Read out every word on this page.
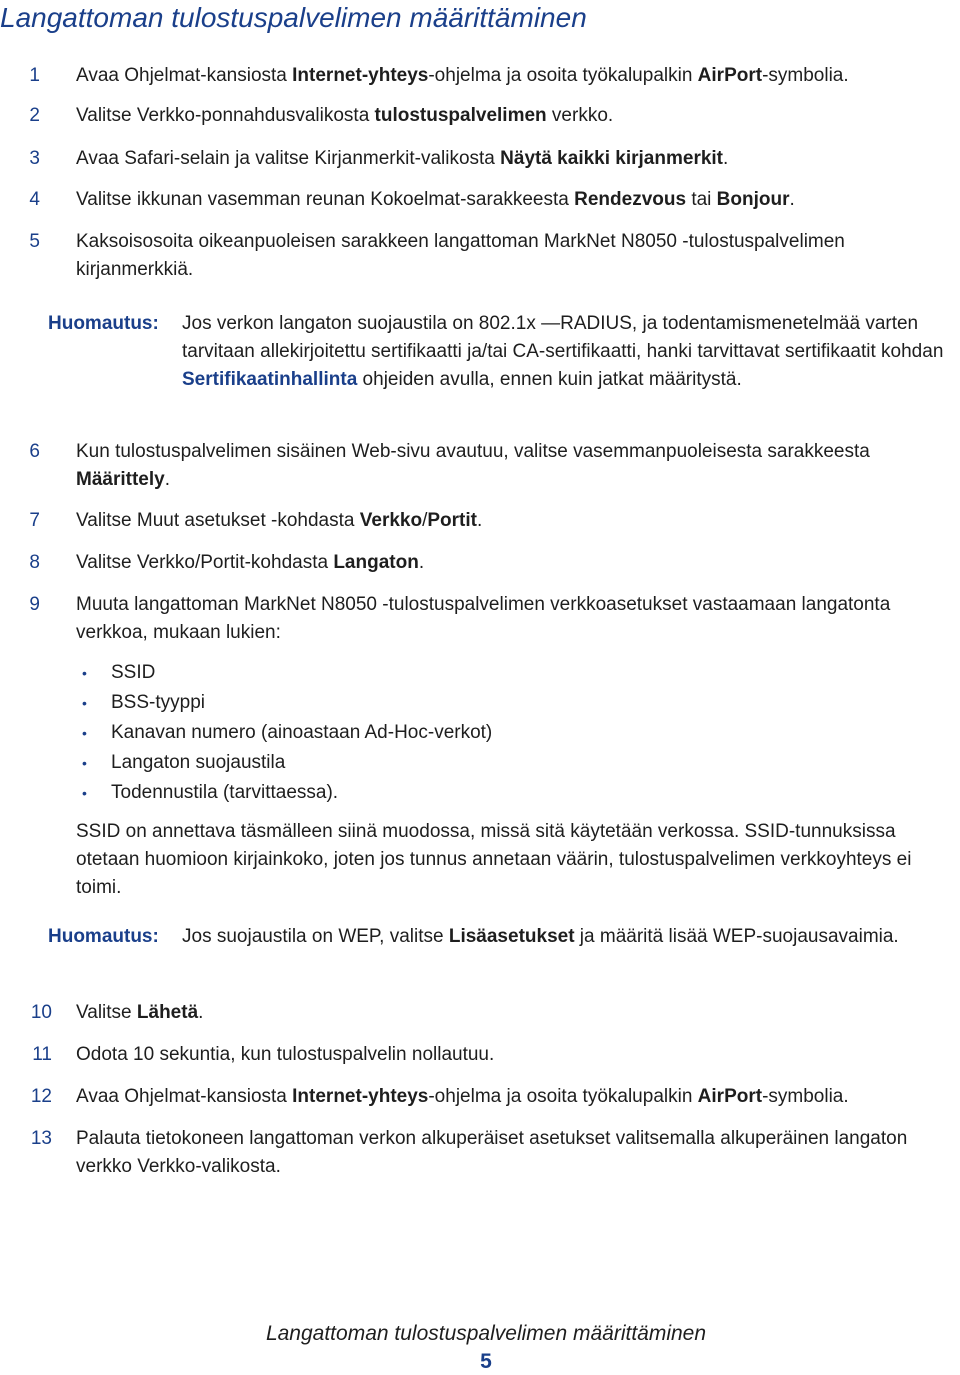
Langattoman tulostuspalvelimen määrittäminen
1 Avaa Ohjelmat-kansiosta Internet-yhteys-ohjelma ja osoita työkalupalkin AirPort-symbolia.
2 Valitse Verkko-ponnahdusvalikosta tulostuspalvelimen verkko.
3 Avaa Safari-selain ja valitse Kirjanmerkit-valikosta Näytä kaikki kirjanmerkit.
4 Valitse ikkunan vasemman reunan Kokoelmat-sarakkeesta Rendezvous tai Bonjour.
5 Kaksoisosoita oikeanpuoleisen sarakkeen langattoman MarkNet N8050 -tulostuspalvelimen kirjanmerkkiä.
Huomautus: Jos verkon langaton suojaustila on 802.1x —RADIUS, ja todentamismenetelmää varten tarvitaan allekirjoitettu sertifikaatti ja/tai CA-sertifikaatti, hanki tarvittavat sertifikaatit kohdan Sertifikaatinhallinta ohjeiden avulla, ennen kuin jatkat määritystä.
6 Kun tulostuspalvelimen sisäinen Web-sivu avautuu, valitse vasemmanpuoleisesta sarakkeesta Määrittely.
7 Valitse Muut asetukset -kohdasta Verkko/Portit.
8 Valitse Verkko/Portit-kohdasta Langaton.
9 Muuta langattoman MarkNet N8050 -tulostuspalvelimen verkkoasetukset vastaamaan langatonta verkkoa, mukaan lukien:
• SSID
• BSS-tyyppi
• Kanavan numero (ainoastaan Ad-Hoc-verkot)
• Langaton suojaustila
• Todennustila (tarvittaessa).
SSID on annettava täsmälleen siinä muodossa, missä sitä käytetään verkossa. SSID-tunnuksissa otetaan huomioon kirjainkoko, joten jos tunnus annetaan väärin, tulostuspalvelimen verkkoyhteys ei toimi.
Huomautus: Jos suojaustila on WEP, valitse Lisäasetukset ja määritä lisää WEP-suojausavaimia.
10 Valitse Lähetä.
11 Odota 10 sekuntia, kun tulostuspalvelin nollautuu.
12 Avaa Ohjelmat-kansiosta Internet-yhteys-ohjelma ja osoita työkalupalkin AirPort-symbolia.
13 Palauta tietokoneen langattoman verkon alkuperäiset asetukset valitsemalla alkuperäinen langaton verkko Verkko-valikosta.
Langattoman tulostuspalvelimen määrittäminen
5
